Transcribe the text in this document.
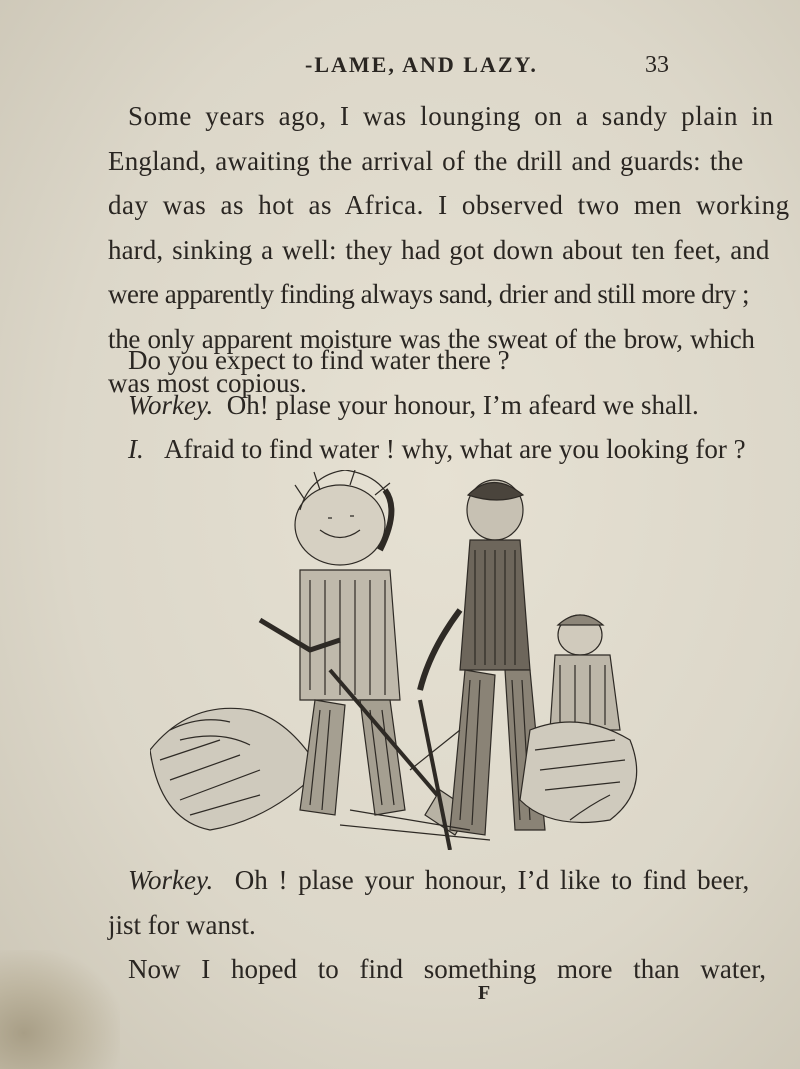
-LAME, AND LAZY.	33
Some years ago, I was lounging on a sandy plain in
England, awaiting the arrival of the drill and guards: the
day was as hot as Africa. I observed two men working
hard, sinking a well: they had got down about ten feet, and
were apparently finding always sand, drier and still more dry ;
the only apparent moisture was the sweat of the brow, which
was most copious.
Do you expect to find water there ?
Workey. Oh! plase your honour, I’m afeard we shall.
I. Afraid to find water ! why, what are you looking for ?
Workey. Oh ! plase your honour, I’d like to find beer,
jist for wanst.
Now I hoped to find something more than water,
F
